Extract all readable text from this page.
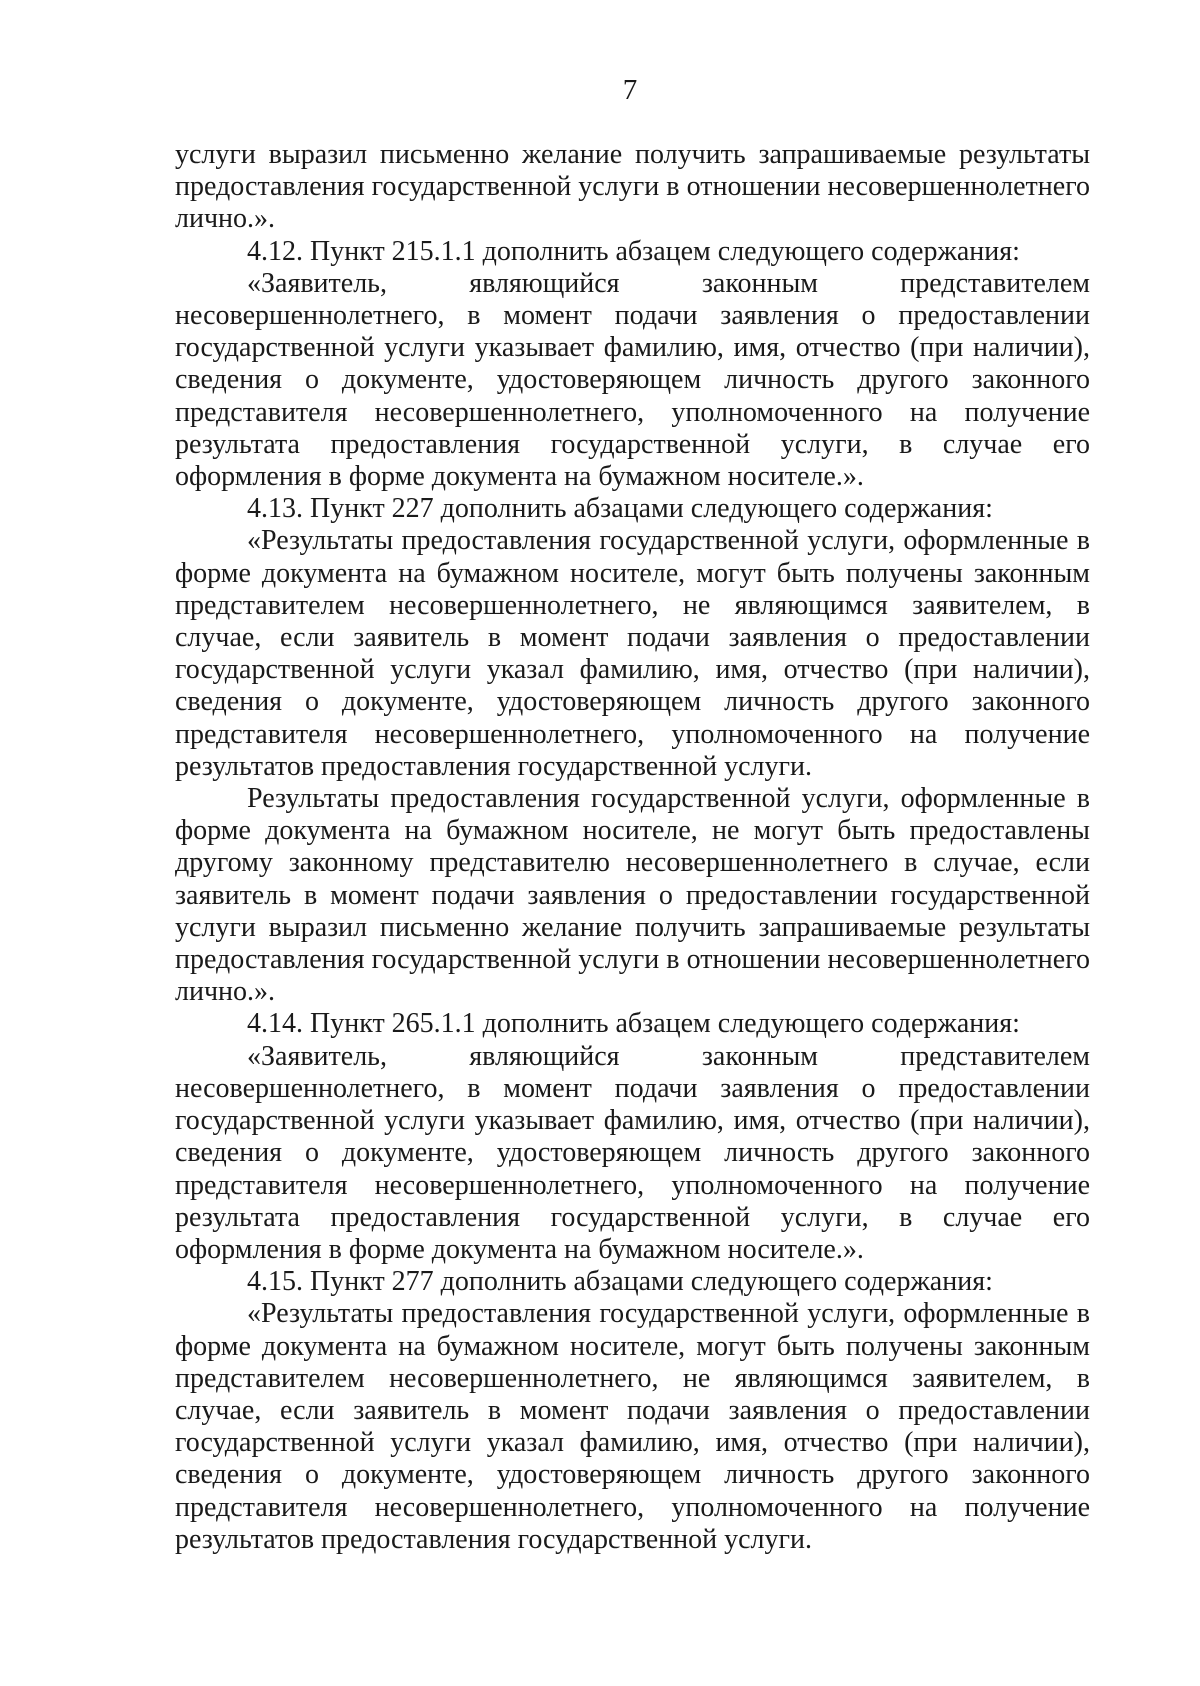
7

услуги выразил письменно желание получить запрашиваемые результаты предоставления государственной услуги в отношении несовершеннолетнего лично.».

4.12. Пункт 215.1.1 дополнить абзацем следующего содержания:

«Заявитель, являющийся законным представителем несовершеннолетнего, в момент подачи заявления о предоставлении государственной услуги указывает фамилию, имя, отчество (при наличии), сведения о документе, удостоверяющем личность другого законного представителя несовершеннолетнего, уполномоченного на получение результата предоставления государственной услуги, в случае его оформления в форме документа на бумажном носителе.».

4.13. Пункт 227 дополнить абзацами следующего содержания:

«Результаты предоставления государственной услуги, оформленные в форме документа на бумажном носителе, могут быть получены законным представителем несовершеннолетнего, не являющимся заявителем, в случае, если заявитель в момент подачи заявления о предоставлении государственной услуги указал фамилию, имя, отчество (при наличии), сведения о документе, удостоверяющем личность другого законного представителя несовершеннолетнего, уполномоченного на получение результатов предоставления государственной услуги.

Результаты предоставления государственной услуги, оформленные в форме документа на бумажном носителе, не могут быть предоставлены другому законному представителю несовершеннолетнего в случае, если заявитель в момент подачи заявления о предоставлении государственной услуги выразил письменно желание получить запрашиваемые результаты предоставления государственной услуги в отношении несовершеннолетнего лично.».

4.14. Пункт 265.1.1 дополнить абзацем следующего содержания:

«Заявитель, являющийся законным представителем несовершеннолетнего, в момент подачи заявления о предоставлении государственной услуги указывает фамилию, имя, отчество (при наличии), сведения о документе, удостоверяющем личность другого законного представителя несовершеннолетнего, уполномоченного на получение результата предоставления государственной услуги, в случае его оформления в форме документа на бумажном носителе.».

4.15. Пункт 277 дополнить абзацами следующего содержания:

«Результаты предоставления государственной услуги, оформленные в форме документа на бумажном носителе, могут быть получены законным представителем несовершеннолетнего, не являющимся заявителем, в случае, если заявитель в момент подачи заявления о предоставлении государственной услуги указал фамилию, имя, отчество (при наличии), сведения о документе, удостоверяющем личность другого законного представителя несовершеннолетнего, уполномоченного на получение результатов предоставления государственной услуги.
